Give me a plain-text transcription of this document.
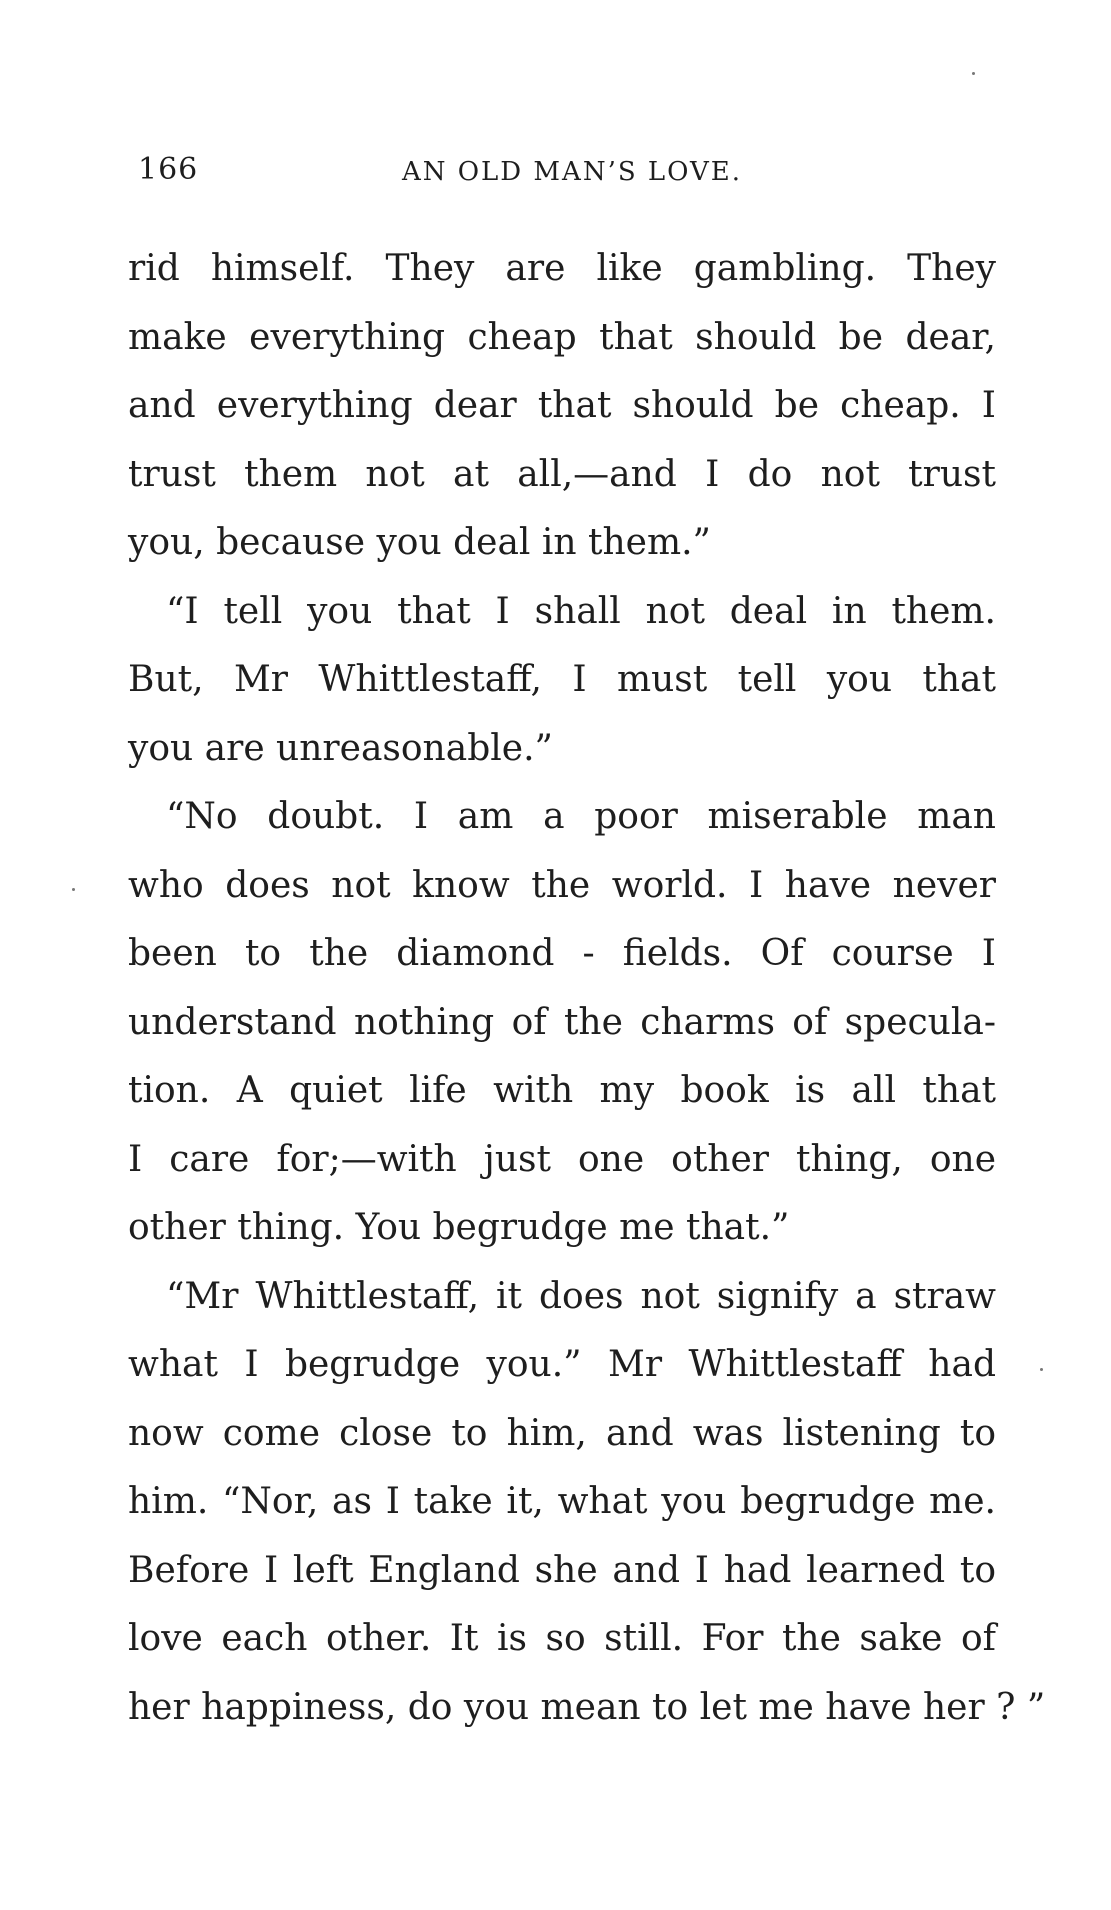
166	AN OLD MAN’S LOVE.
rid himself. They are like gambling. They
make everything cheap that should be dear,
and everything dear that should be cheap. I
trust them not at all,—and I do not trust
you, because you deal in them.”
“I tell you that I shall not deal in them.
But, Mr Whittlestaff, I must tell you that
you are unreasonable.”
“No doubt. I am a poor miserable man
who does not know the world. I have never
been to the diamond - fields. Of course I
understand nothing of the charms of specula-
tion. A quiet life with my book is all that
I care for;—with just one other thing, one
other thing. You begrudge me that.”
“Mr Whittlestaff, it does not signify a straw
what I begrudge you.” Mr Whittlestaff had
now come close to him, and was listening to
him. “Nor, as I take it, what you begrudge me.
Before I left England she and I had learned to
love each other. It is so still. For the sake of
her happiness, do you mean to let me have her ? ”
